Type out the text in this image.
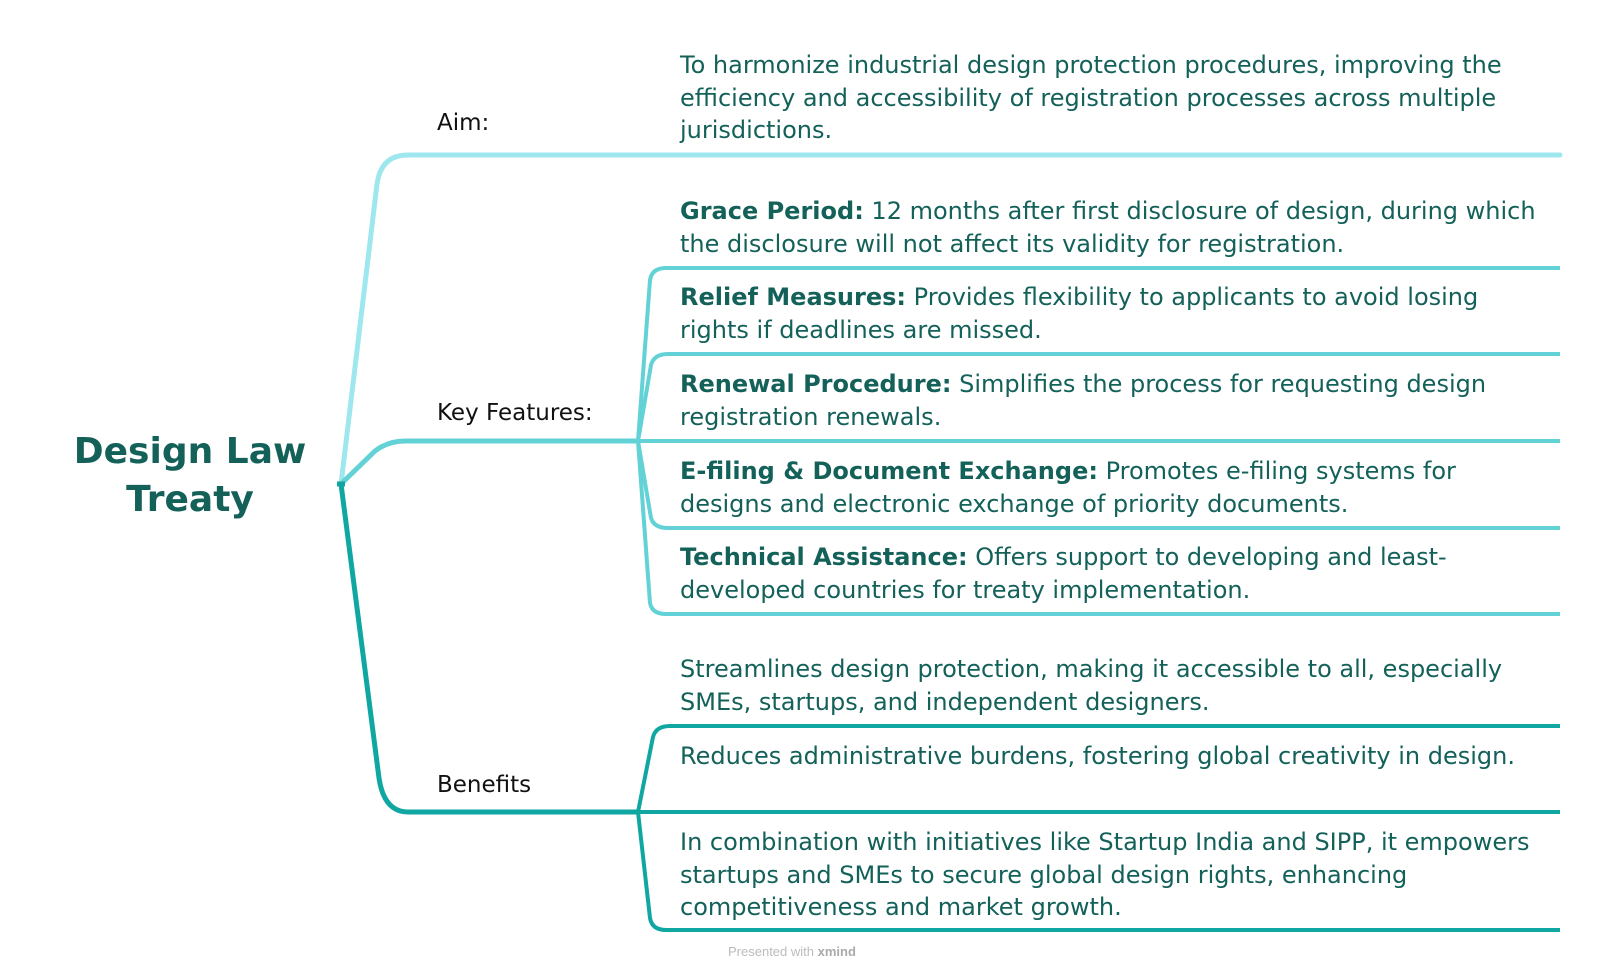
Design Law
Treaty
Aim:
Key Features:
Benefits
To harmonize industrial design protection procedures, improving the efficiency and accessibility of registration processes across multiple jurisdictions.
Grace Period: 12 months after first disclosure of design, during which the disclosure will not affect its validity for registration.
Relief Measures: Provides flexibility to applicants to avoid losing rights if deadlines are missed.
Renewal Procedure: Simplifies the process for requesting design registration renewals.
E-filing & Document Exchange: Promotes e-filing systems for designs and electronic exchange of priority documents.
Technical Assistance: Offers support to developing and least-developed countries for treaty implementation.
Streamlines design protection, making it accessible to all, especially SMEs, startups, and independent designers.
Reduces administrative burdens, fostering global creativity in design.
In combination with initiatives like Startup India and SIPP, it empowers startups and SMEs to secure global design rights, enhancing competitiveness and market growth.
Presented with xmind
